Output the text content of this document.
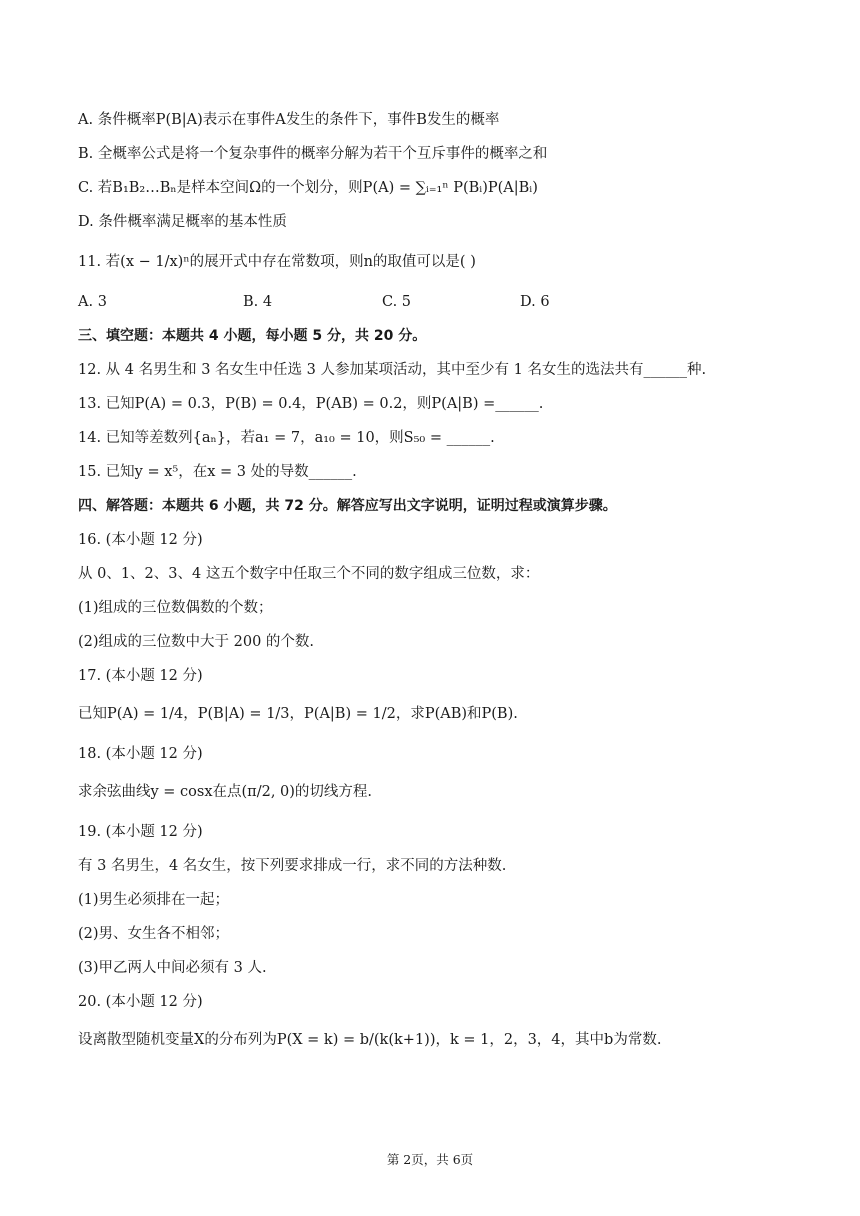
A. 条件概率P(B|A)表示在事件A发生的条件下，事件B发生的概率
B. 全概率公式是将一个复杂事件的概率分解为若干个互斥事件的概率之和
C. 若B₁B₂…Bₙ是样本空间Ω的一个划分，则P(A) = ∑ᵢ₌₁ⁿ P(Bᵢ)P(A|Bᵢ)
D. 条件概率满足概率的基本性质
11. 若(x − 1/x)ⁿ的展开式中存在常数项，则n的取值可以是( )
A. 3	B. 4	C. 5	D. 6
三、填空题：本题共 4 小题，每小题 5 分，共 20 分。
12. 从 4 名男生和 3 名女生中任选 3 人参加某项活动，其中至少有 1 名女生的选法共有______种.
13. 已知P(A) = 0.3，P(B) = 0.4，P(AB) = 0.2，则P(A|B) =______.
14. 已知等差数列{aₙ}，若a₁ = 7，a₁₀ = 10，则S₅₀ = ______.
15. 已知y = x⁵，在x = 3 处的导数______.
四、解答题：本题共 6 小题，共 72 分。解答应写出文字说明，证明过程或演算步骤。
16. (本小题 12 分)
从 0、1、2、3、4 这五个数字中任取三个不同的数字组成三位数，求：
(1)组成的三位数偶数的个数；
(2)组成的三位数中大于 200 的个数.
17. (本小题 12 分)
已知P(A) = 1/4，P(B|A) = 1/3，P(A|B) = 1/2，求P(AB)和P(B).
18. (本小题 12 分)
求余弦曲线y = cosx在点(π/2, 0)的切线方程.
19. (本小题 12 分)
有 3 名男生，4 名女生，按下列要求排成一行，求不同的方法种数.
(1)男生必须排在一起；
(2)男、女生各不相邻；
(3)甲乙两人中间必须有 3 人.
20. (本小题 12 分)
设离散型随机变量X的分布列为P(X = k) = b/(k(k+1))，k = 1，2，3，4，其中b为常数.
第 2页，共 6页
